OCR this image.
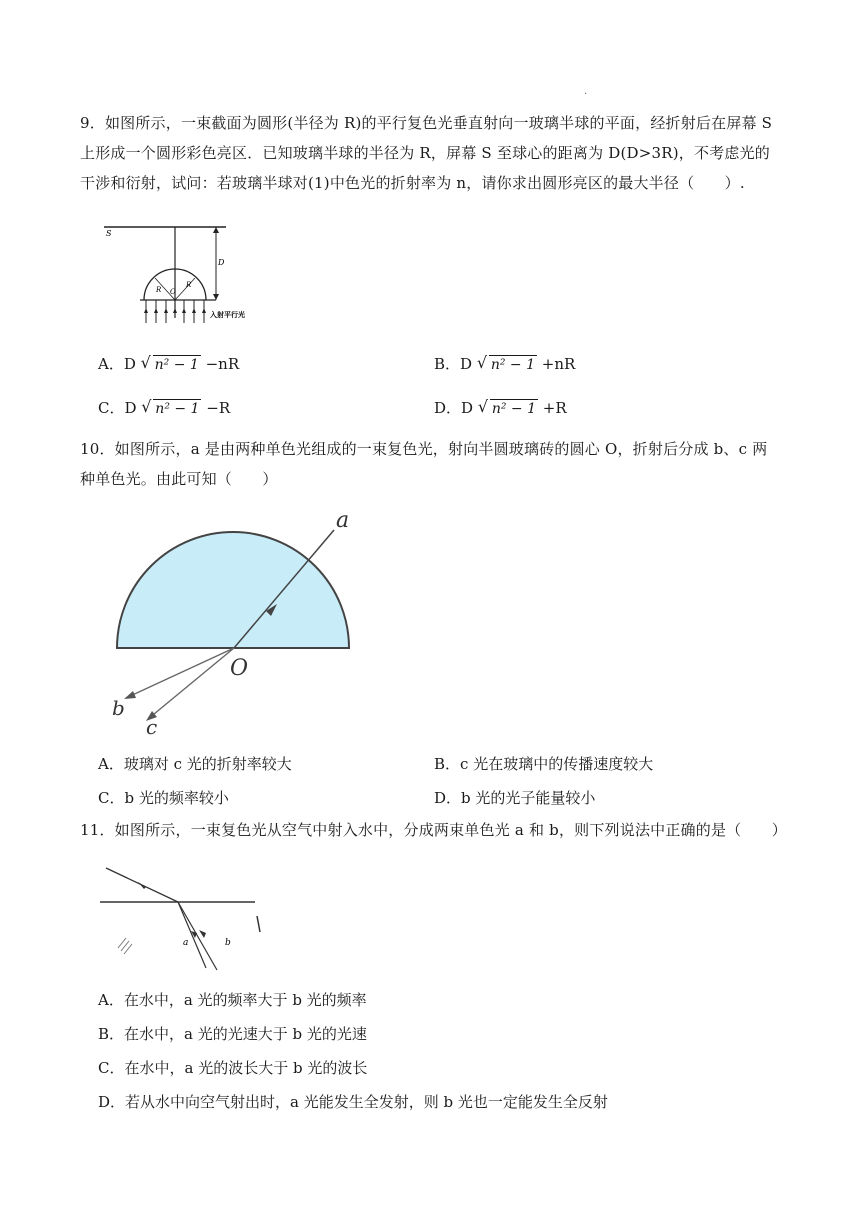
.
9．如图所示，一束截面为圆形(半径为 R)的平行复色光垂直射向一玻璃半球的平面，经折射后在屏幕 S 上形成一个圆形彩色亮区．已知玻璃半球的半径为 R，屏幕 S 至球心的距离为 D(D>3R)，不考虑光的干涉和衍射，试问：若玻璃半球对(1)中色光的折射率为 n，请你求出圆形亮区的最大半径（　　）.
S
D
O
R
R
入射平行光
A．D √ n² − 1 −nR	B．D √ n² − 1 +nR
C．D √ n² − 1 −R	D．D √ n² − 1 +R
10．如图所示，a 是由两种单色光组成的一束复色光，射向半圆玻璃砖的圆心 O，折射后分成 b、c 两种单色光。由此可知（　　）
a
O
b
c
A．玻璃对 c 光的折射率较大	B．c 光在玻璃中的传播速度较大
C．b 光的频率较小	D．b 光的光子能量较小
11．如图所示，一束复色光从空气中射入水中，分成两束单色光 a 和 b，则下列说法中正确的是（　　）
a	b
A．在水中，a 光的频率大于 b 光的频率
B．在水中，a 光的光速大于 b 光的光速
C．在水中，a 光的波长大于 b 光的波长
D．若从水中向空气射出时，a 光能发生全发射，则 b 光也一定能发生全反射
